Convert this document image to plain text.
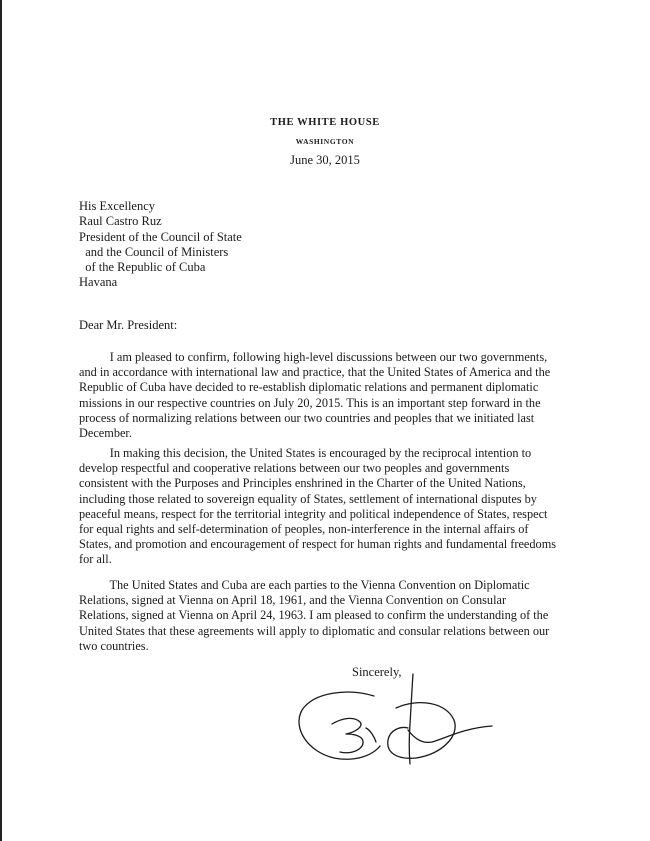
THE WHITE HOUSE
WASHINGTON
June 30, 2015
His Excellency
Raul Castro Ruz
President of the Council of State
and the Council of Ministers
of the Republic of Cuba
Havana
Dear Mr. President:
I am pleased to confirm, following high-level discussions between our two governments,
and in accordance with international law and practice, that the United States of America and the
Republic of Cuba have decided to re-establish diplomatic relations and permanent diplomatic
missions in our respective countries on July 20, 2015. This is an important step forward in the
process of normalizing relations between our two countries and peoples that we initiated last
December.
In making this decision, the United States is encouraged by the reciprocal intention to
develop respectful and cooperative relations between our two peoples and governments
consistent with the Purposes and Principles enshrined in the Charter of the United Nations,
including those related to sovereign equality of States, settlement of international disputes by
peaceful means, respect for the territorial integrity and political independence of States, respect
for equal rights and self-determination of peoples, non-interference in the internal affairs of
States, and promotion and encouragement of respect for human rights and fundamental freedoms
for all.
The United States and Cuba are each parties to the Vienna Convention on Diplomatic
Relations, signed at Vienna on April 18, 1961, and the Vienna Convention on Consular
Relations, signed at Vienna on April 24, 1963. I am pleased to confirm the understanding of the
United States that these agreements will apply to diplomatic and consular relations between our
two countries.
Sincerely,
